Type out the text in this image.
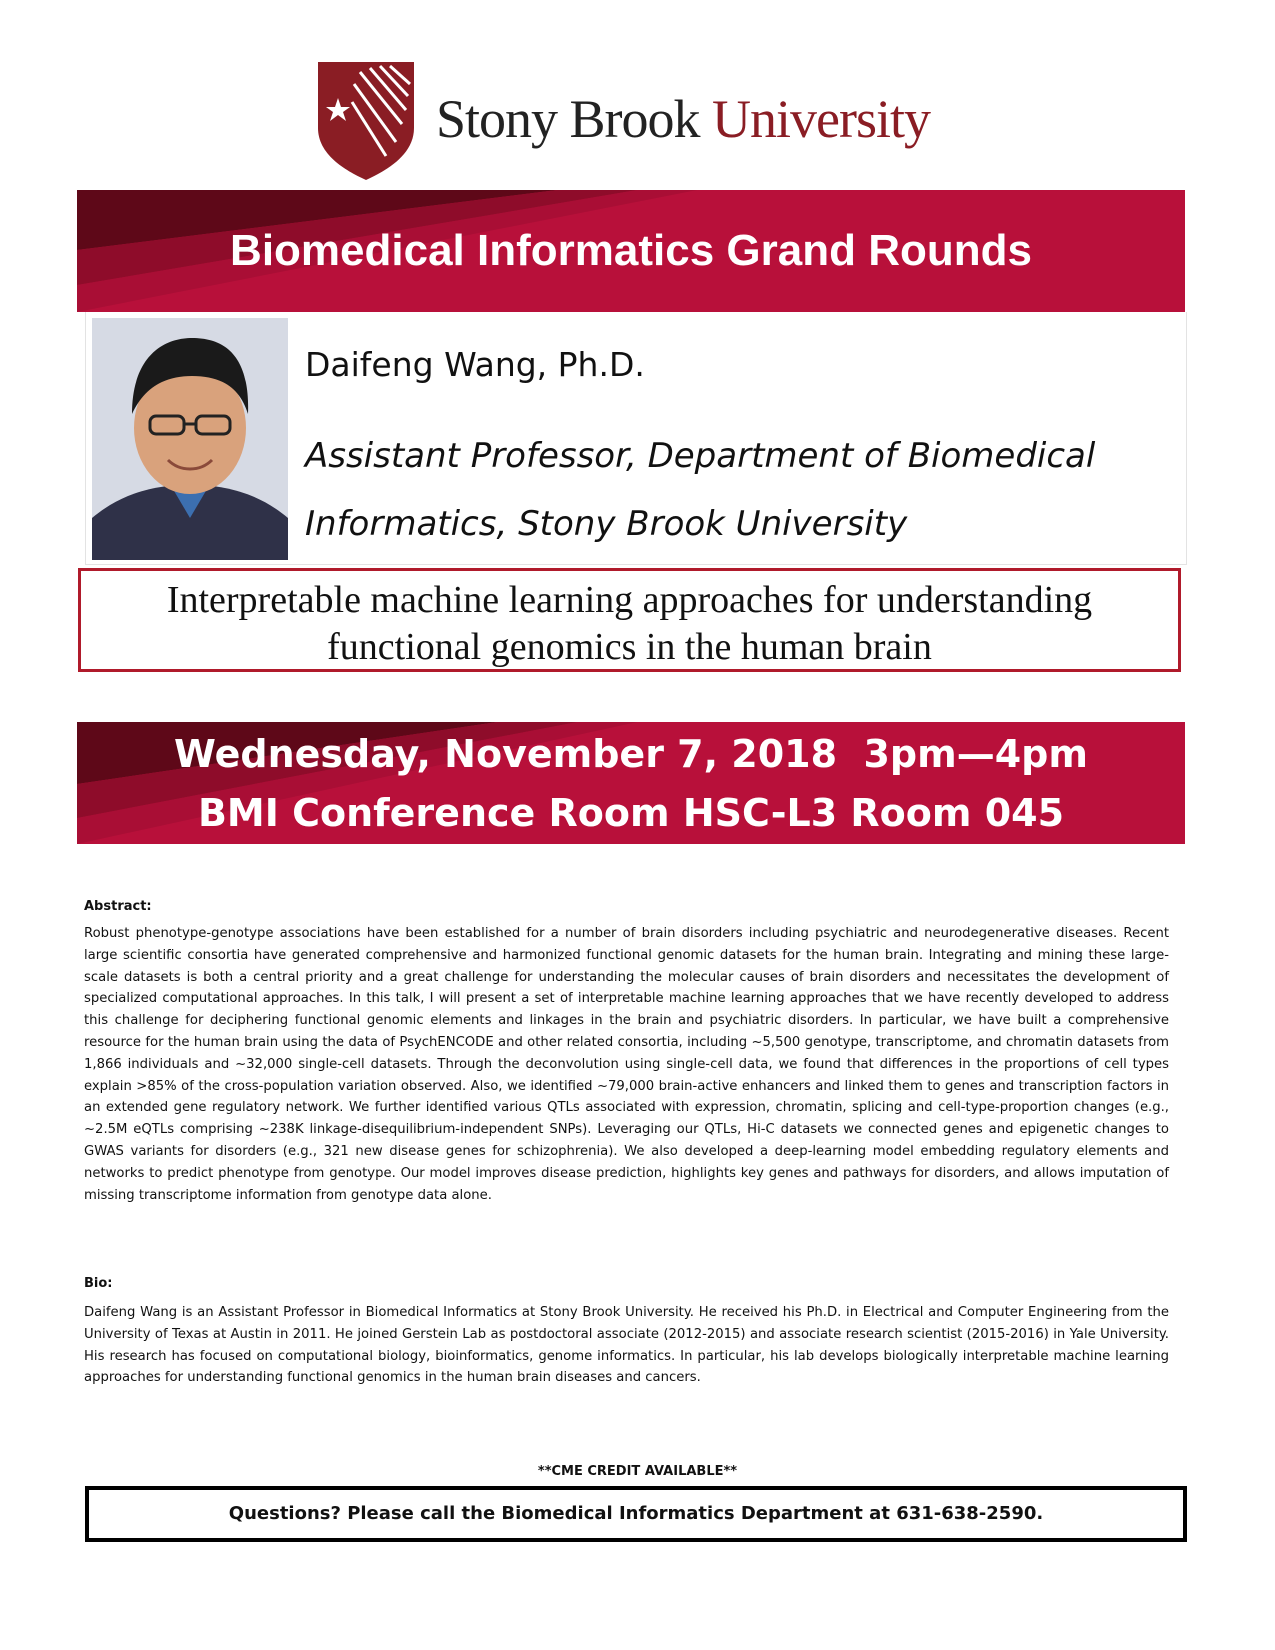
Stony Brook University
Biomedical Informatics Grand Rounds
Daifeng Wang, Ph.D.
Assistant Professor, Department of Biomedical
Informatics, Stony Brook University
Interpretable machine learning approaches for understanding
functional genomics in the human brain
Wednesday, November 7, 2018  3pm—4pm
BMI Conference Room HSC-L3 Room 045
Abstract:
Robust phenotype-genotype associations have been established for a number of brain disorders including psychiatric and neurodegenerative diseases. Recent large scientific consortia have generated comprehensive and harmonized functional genomic datasets for the human brain. Integrating and mining these large-scale datasets is both a central priority and a great challenge for understanding the molecular causes of brain disorders and necessitates the development of specialized computational approaches. In this talk, I will present a set of interpretable machine learning approaches that we have recently developed to address this challenge for deciphering functional genomic elements and linkages in the brain and psychiatric disorders. In particular, we have built a comprehensive resource for the human brain using the data of PsychENCODE and other related consortia, including ~5,500 genotype, transcriptome, and chromatin datasets from 1,866 individuals and ~32,000 single-cell datasets. Through the deconvolution using single-cell data, we found that differences in the proportions of cell types explain >85% of the cross-population variation observed. Also, we identified ~79,000 brain-active enhancers and linked them to genes and transcription factors in an extended gene regulatory network. We further identified various QTLs associated with expression, chromatin, splicing and cell-type-proportion changes (e.g., ~2.5M eQTLs comprising ~238K linkage-disequilibrium-independent SNPs). Leveraging our QTLs, Hi-C datasets we connected genes and epigenetic changes to GWAS variants for disorders (e.g., 321 new disease genes for schizophrenia). We also developed a deep-learning model embedding regulatory elements and networks to predict phenotype from genotype. Our model improves disease prediction, highlights key genes and pathways for disorders, and allows imputation of missing transcriptome information from genotype data alone.
Bio:
Daifeng Wang is an Assistant Professor in Biomedical Informatics at Stony Brook University. He received his Ph.D. in Electrical and Computer Engineering from the University of Texas at Austin in 2011. He joined Gerstein Lab as postdoctoral associate (2012-2015) and associate research scientist (2015-2016) in Yale University. His research has focused on computational biology, bioinformatics, genome informatics. In particular, his lab develops biologically interpretable machine learning approaches for understanding functional genomics in the human brain diseases and cancers.
**CME CREDIT AVAILABLE**
Questions? Please call the Biomedical Informatics Department at 631-638-2590.
